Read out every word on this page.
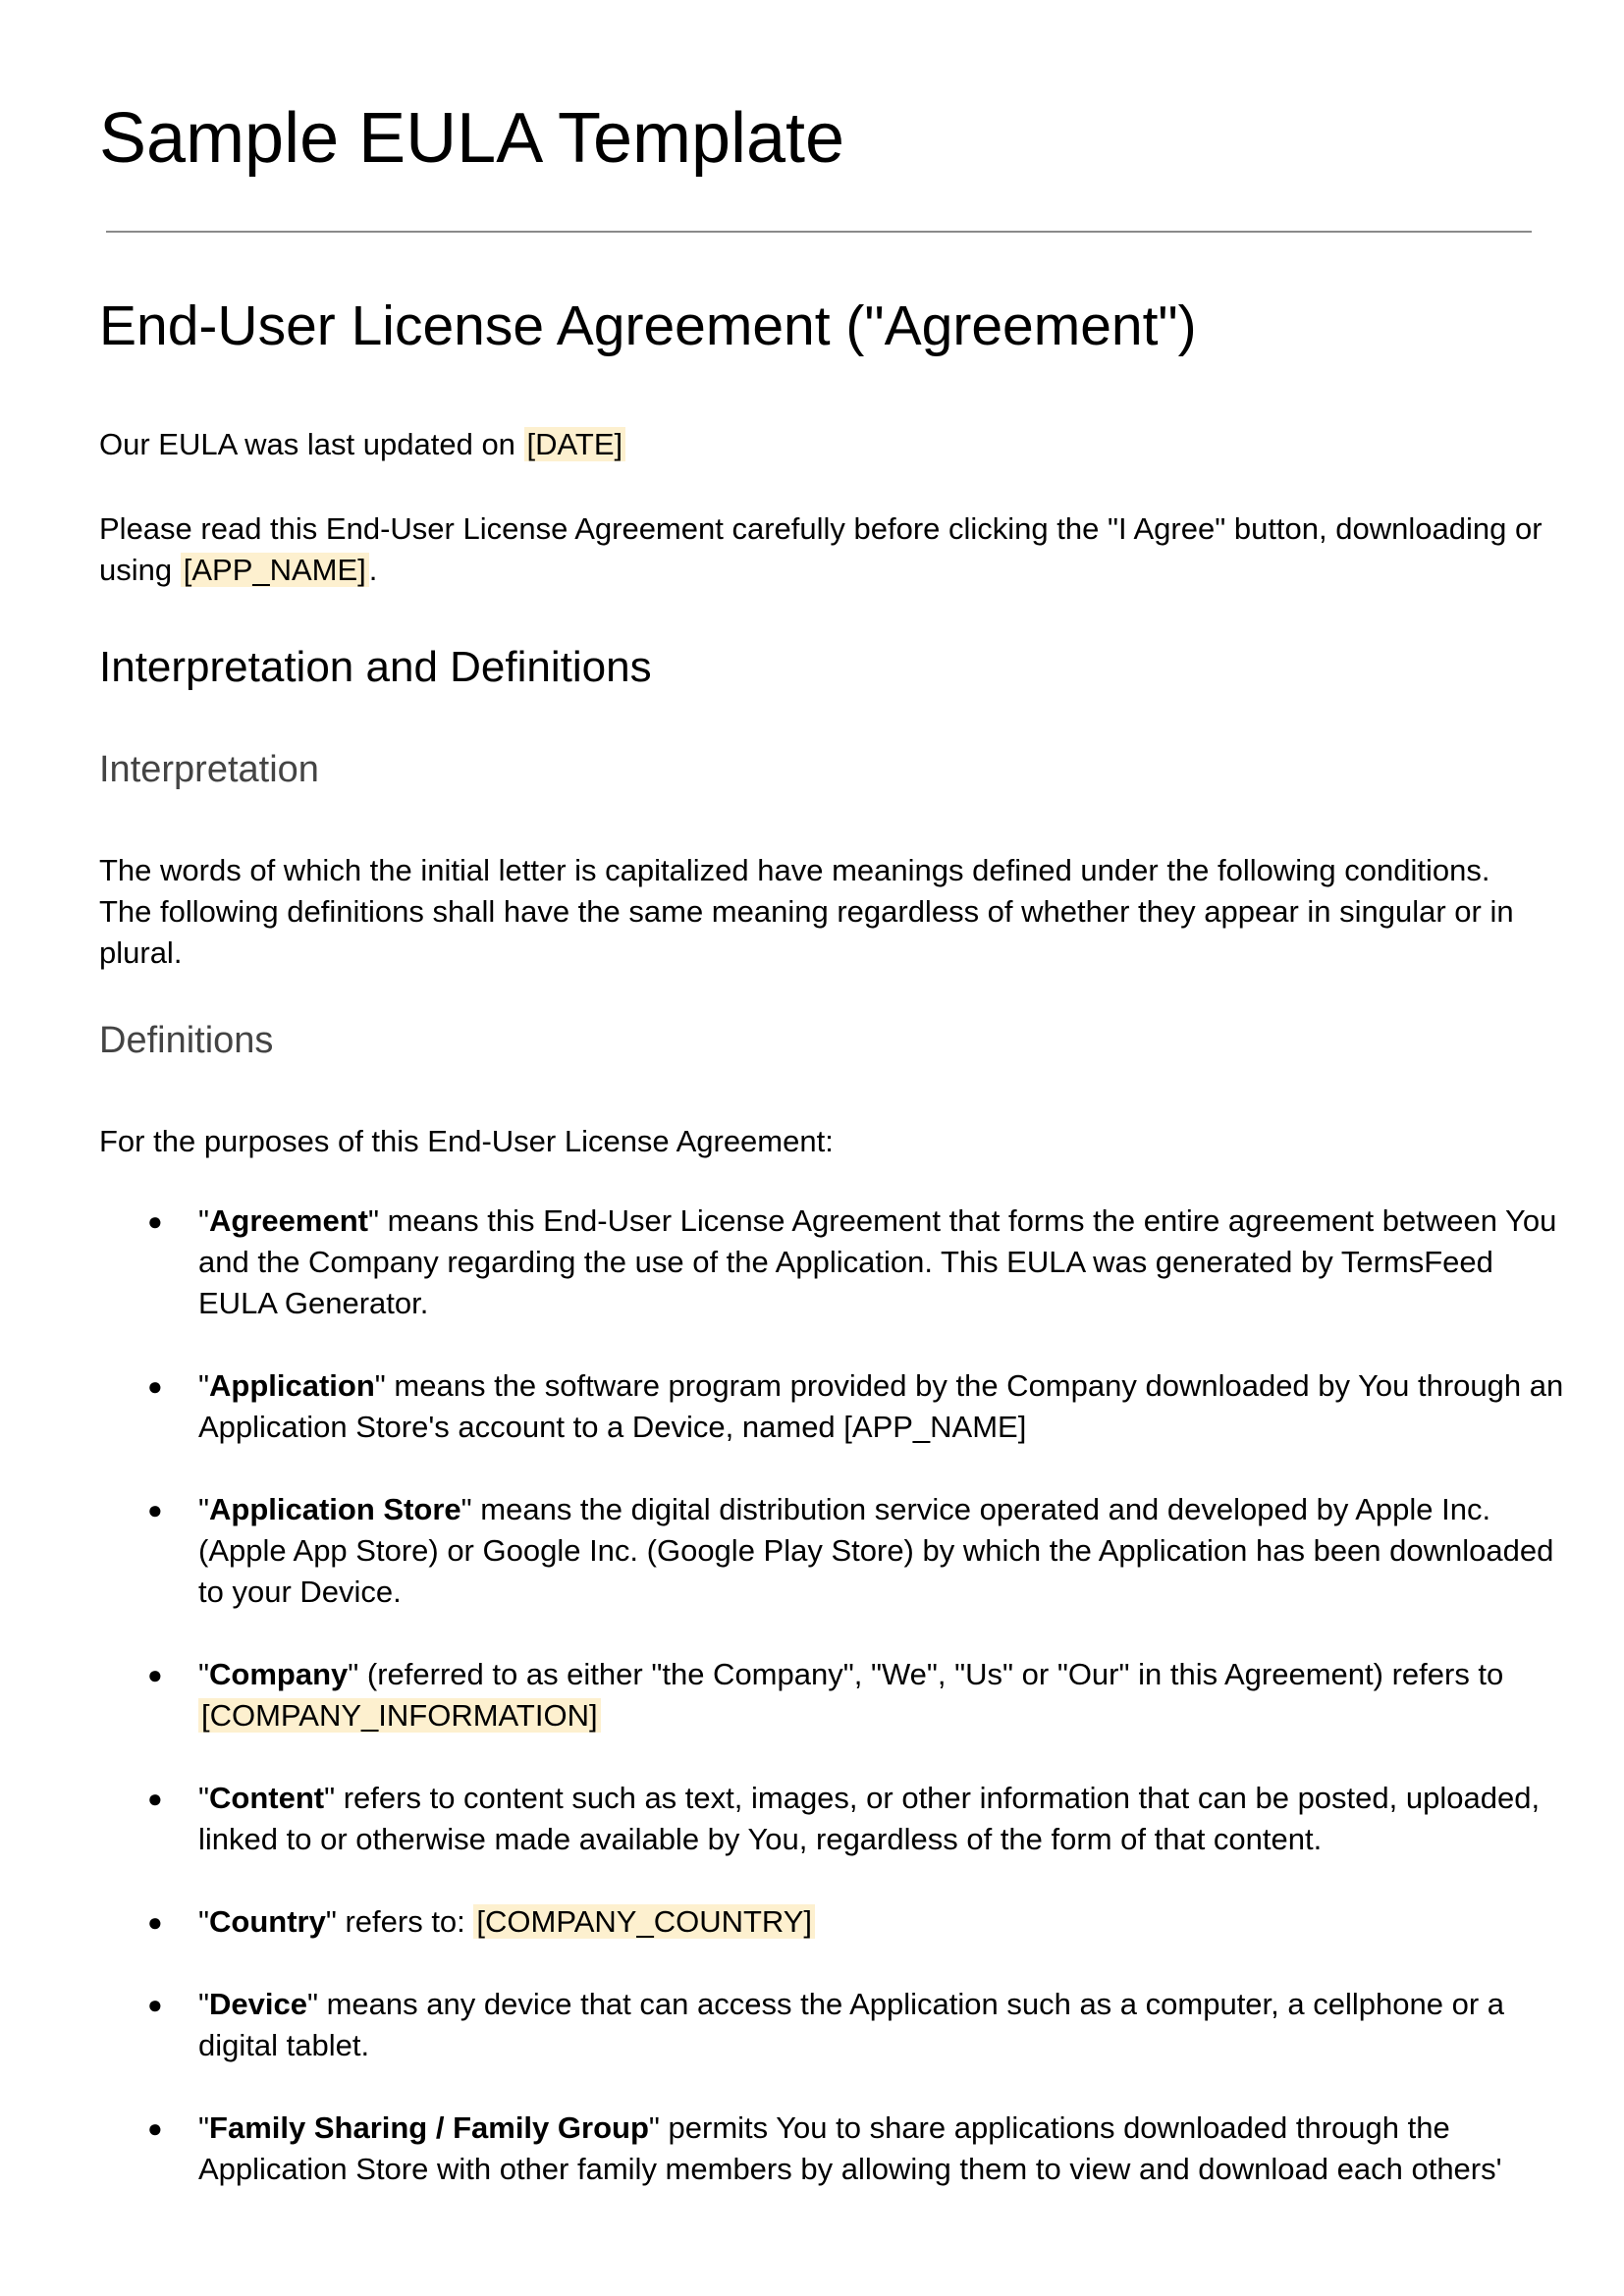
Sample EULA Template
End-User License Agreement ("Agreement")

Our EULA was last updated on [DATE]

Please read this End-User License Agreement carefully before clicking the "I Agree" button, downloading or using [APP_NAME].

Interpretation and Definitions
Interpretation

The words of which the initial letter is capitalized have meanings defined under the following conditions. The following definitions shall have the same meaning regardless of whether they appear in singular or in plural.

Definitions

For the purposes of this End-User License Agreement:

● "Agreement" means this End-User License Agreement that forms the entire agreement between You and the Company regarding the use of the Application. This EULA was generated by TermsFeed EULA Generator.
● "Application" means the software program provided by the Company downloaded by You through an Application Store's account to a Device, named [APP_NAME]
● "Application Store" means the digital distribution service operated and developed by Apple Inc. (Apple App Store) or Google Inc. (Google Play Store) by which the Application has been downloaded to your Device.
● "Company" (referred to as either "the Company", "We", "Us" or "Our" in this Agreement) refers to [COMPANY_INFORMATION]
● "Content" refers to content such as text, images, or other information that can be posted, uploaded, linked to or otherwise made available by You, regardless of the form of that content.
● "Country" refers to: [COMPANY_COUNTRY]
● "Device" means any device that can access the Application such as a computer, a cellphone or a digital tablet.
● "Family Sharing / Family Group" permits You to share applications downloaded through the Application Store with other family members by allowing them to view and download each others'
